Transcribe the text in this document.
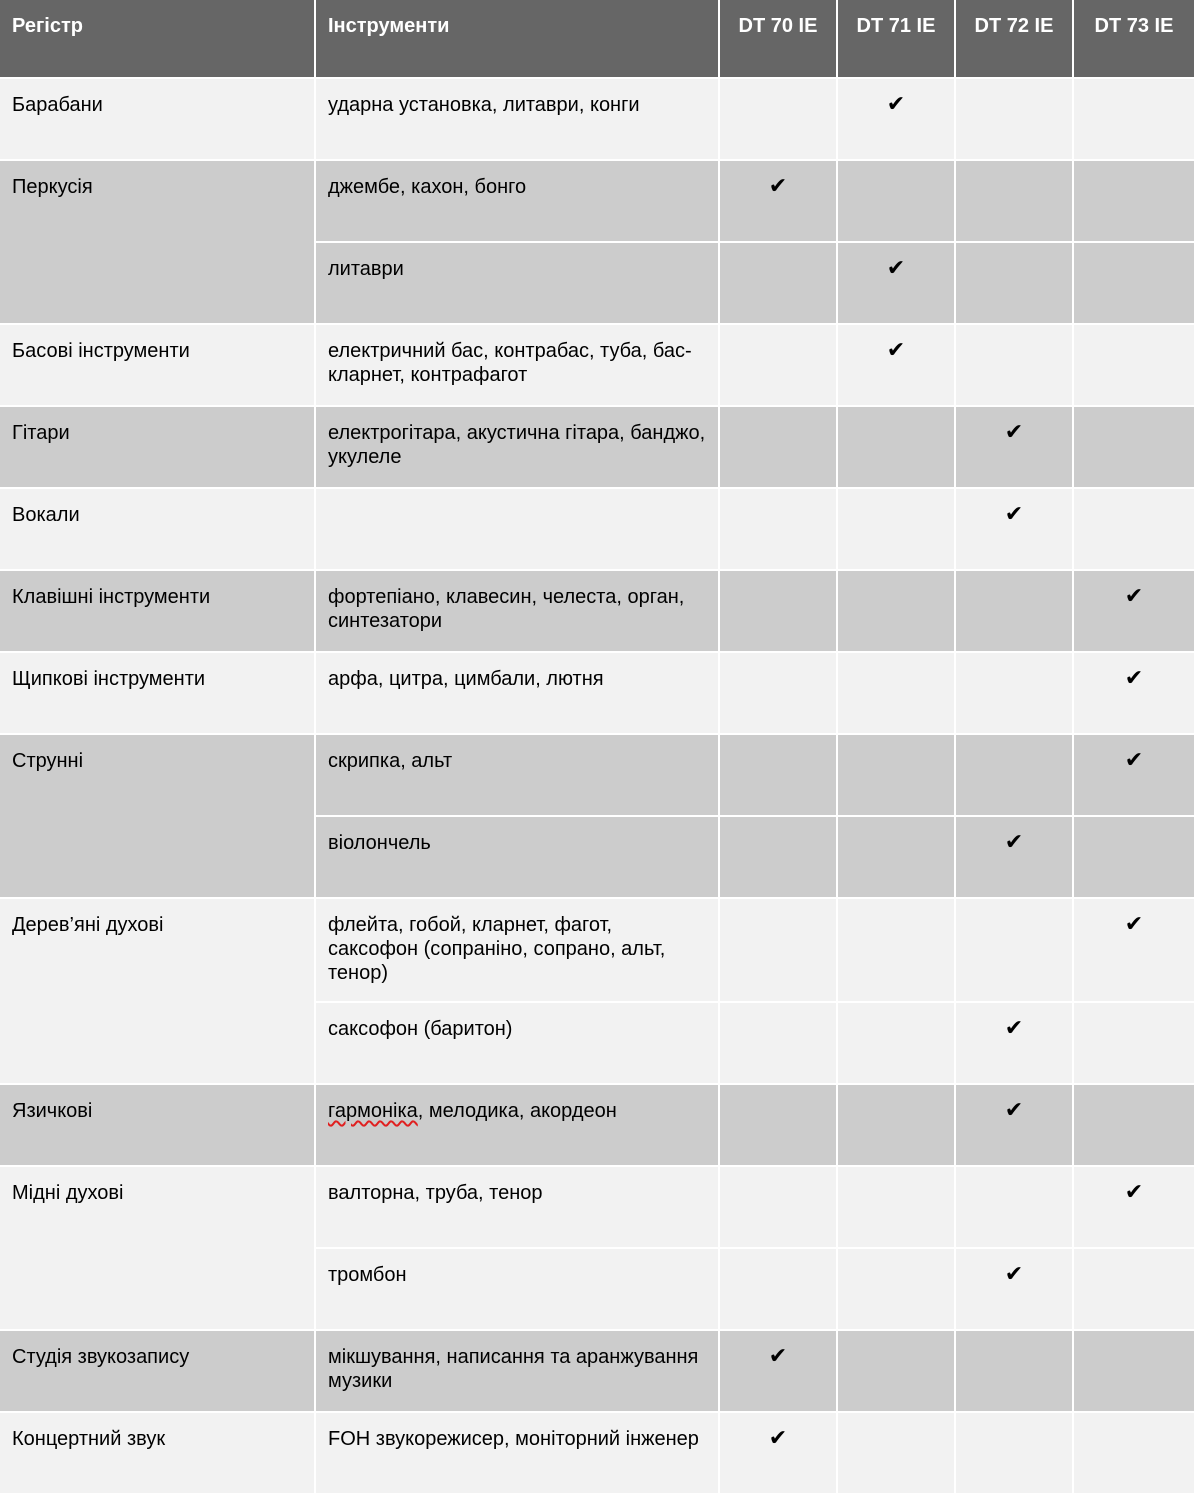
Регістр	Інструменти	DT 70 IE	DT 71 IE	DT 72 IE	DT 73 IE
Барабани	ударна установка, литаври, конги		✔		
Перкусія	джембе, кахон, бонго	✔			
	литаври		✔		
Басові інструменти	електричний бас, контрабас, туба, бас-кларнет, контрафагот		✔		
Гітари	електрогітара, акустична гітара, банджо, укулеле			✔	
Вокали				✔	
Клавішні інструменти	фортепіано, клавесин, челеста, орган, синтезатори				✔
Щипкові інструменти	арфа, цитра, цимбали, лютня				✔
Струнні	скрипка, альт				✔
	віолончель			✔	
Дерев’яні духові	флейта, гобой, кларнет, фагот, саксофон (сопраніно, сопрано, альт, тенор)				✔
	саксофон (баритон)			✔	
Язичкові	гармоніка, мелодика, акордеон			✔	
Мідні духові	валторна, труба, тенор				✔
	тромбон			✔	
Студія звукозапису	мікшування, написання та аранжування музики	✔			
Концертний звук	FOH звукорежисер, моніторний інженер	✔			
